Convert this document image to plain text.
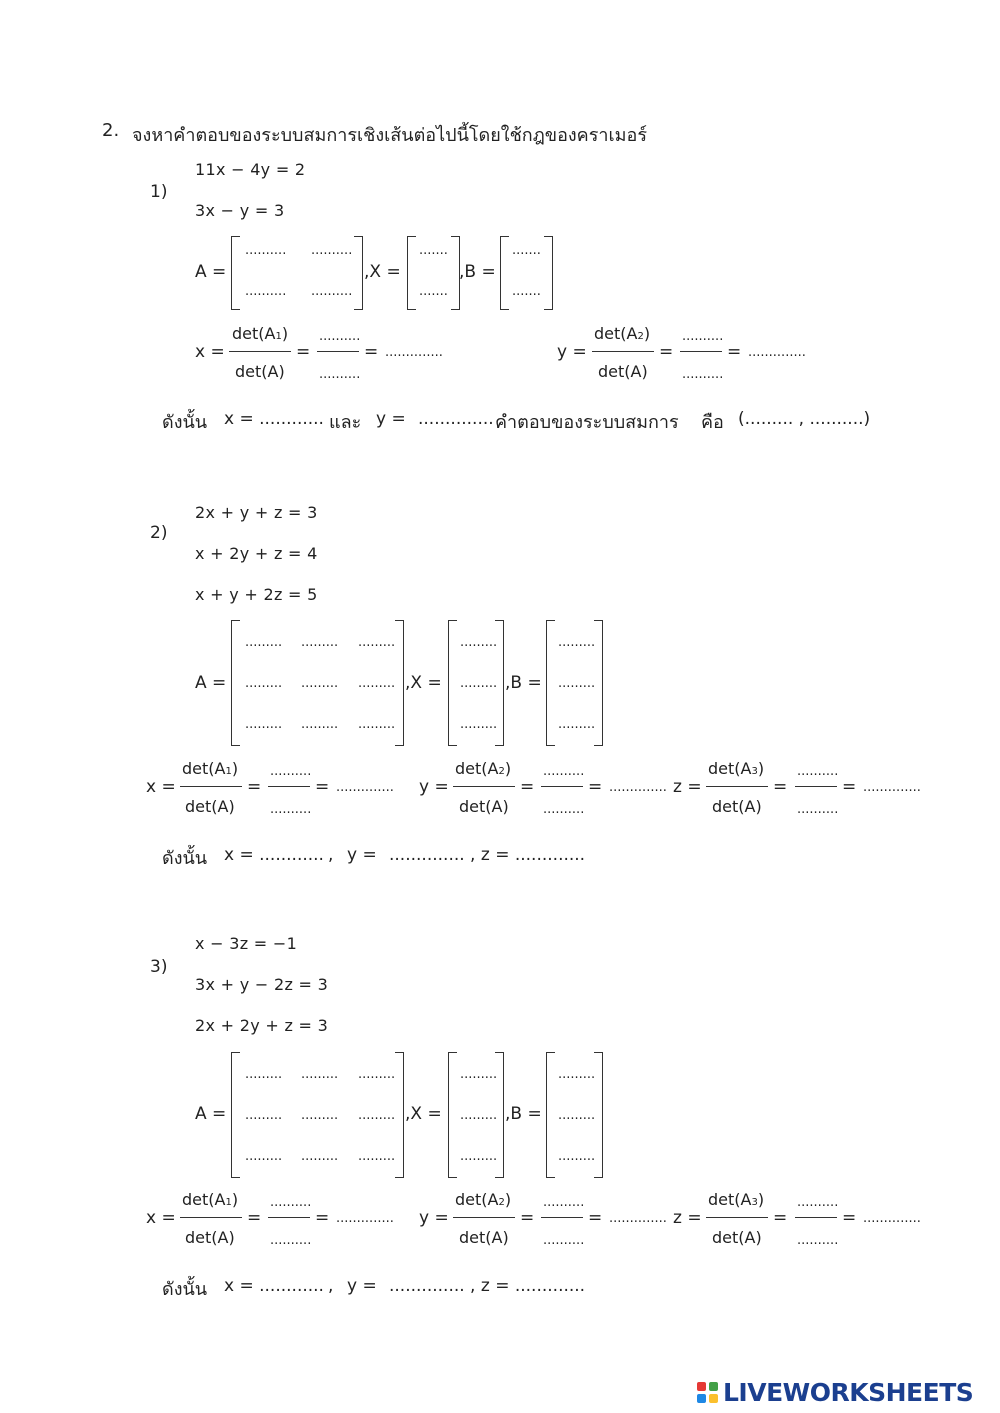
2. จงหาคำตอบของระบบสมการเชิงเส้นต่อไปนี้โดยใช้กฎของคราเมอร์
1)
11x − 4y = 2
3x − y = 3
A =
.......... ..........
.......... ..........
,X =
.......
.......
,B =
.......
.......
x =
det(A1)
det(A)
=
..........
..........
= ..............	y =
det(A2)
det(A)
=
..........
..........
= ..............
ดังนั้น x = ............ และ y = .............. คำตอบของระบบสมการ คือ (......... , ..........)
2)
2x + y + z = 3
x + 2y + z = 4
x + y + 2z = 5
A =
......... ......... .........
......... ......... .........
......... ......... .........
,X =
.........
.........
.........
,B =
.........
.........
.........
x =
det(A1)
det(A)
=
..........
..........
= .............. y =
det(A2)
det(A)
=
..........
..........
= .............. z =
det(A3)
det(A)
=
..........
..........
= ..............
ดังนั้น x = ............ , y = .............. , z = .............
3)
x − 3z = −1
3x + y − 2z = 3
2x + 2y + z = 3
A =
......... ......... .........
......... ......... .........
......... ......... .........
,X =
.........
.........
.........
,B =
.........
.........
.........
x =
det(A1)
det(A)
=
..........
..........
= .............. y =
det(A2)
det(A)
=
..........
..........
= .............. z =
det(A3)
det(A)
=
..........
..........
= ..............
ดังนั้น x = ............ , y = .............. , z = .............
LIVEWORKSHEETS
